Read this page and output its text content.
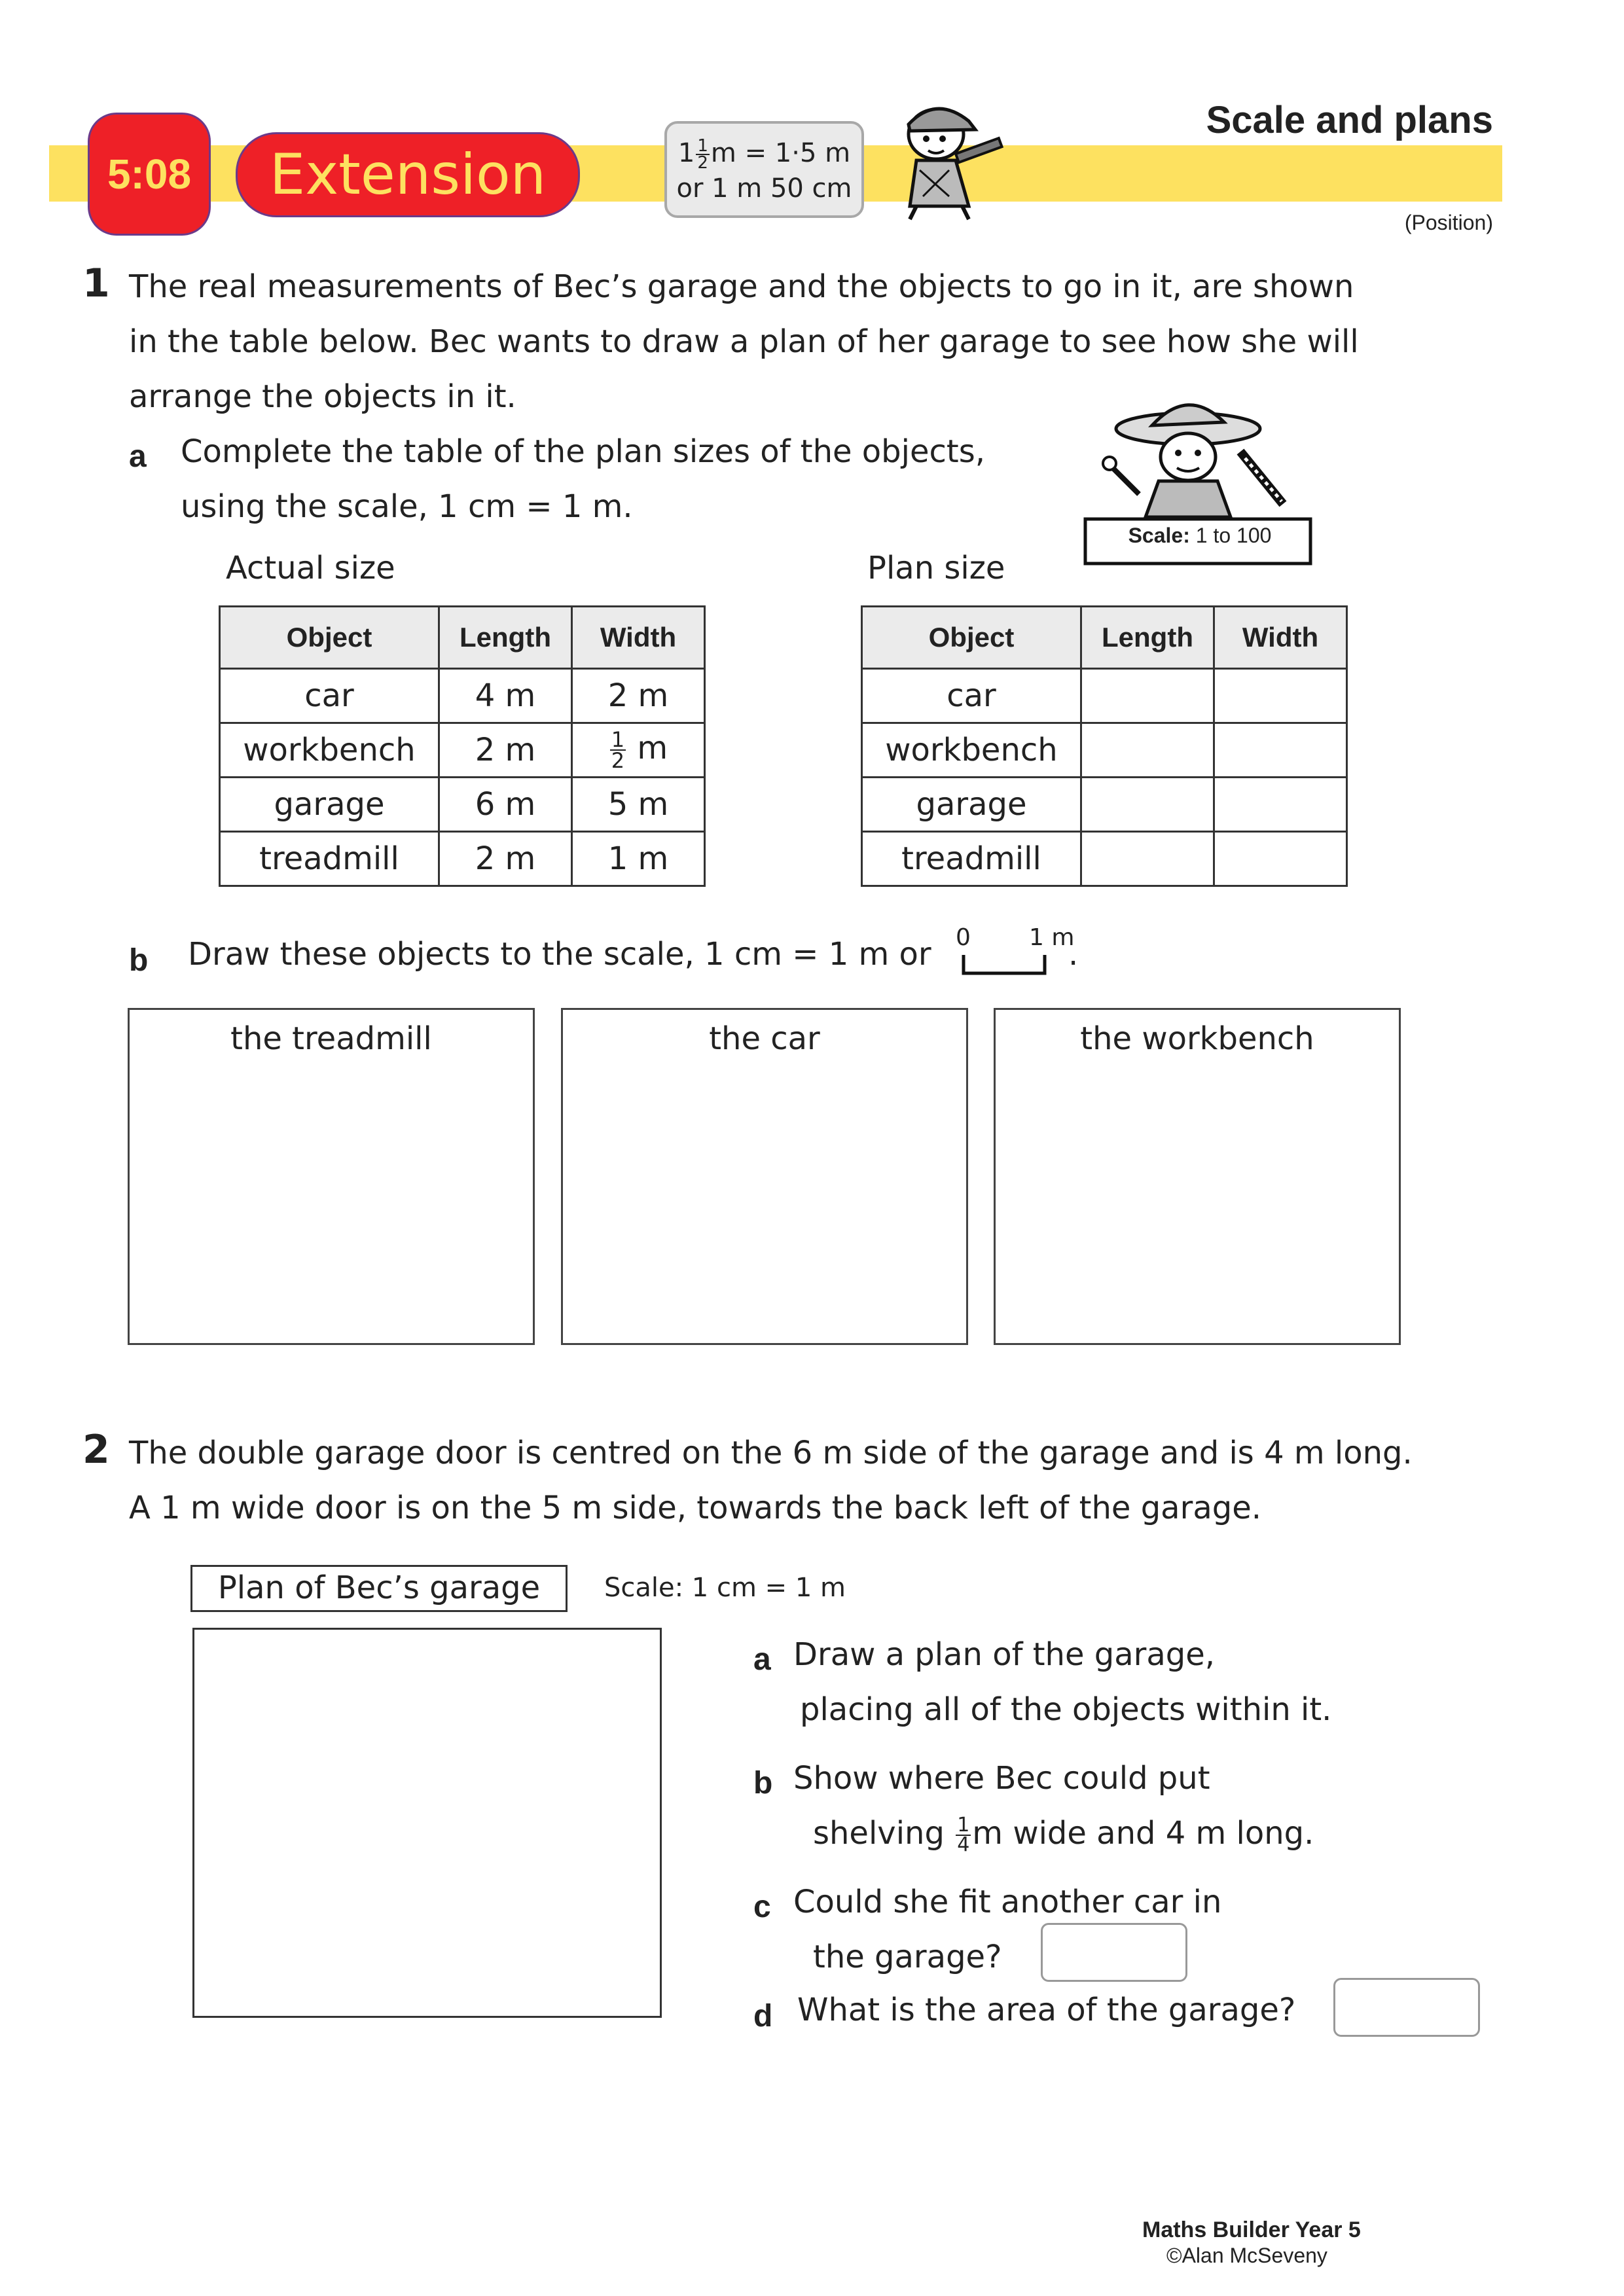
5:08 Extension	$1 \frac{1}{2}$ m = 1·5 m
or 1 m 50 cm
Scale and plans
(Position)
1 The real measurements of Bec’s garage and the objects to go in it, are shown
in the table below. Bec wants to draw a plan of her garage to see how she will
arrange the objects in it.
a Complete the table of the plan sizes of the objects,
using the scale, 1 cm = 1 m.
Scale: 1 to 100
Actual size	Plan size
Object	Length	Width
car	4 m	2 m
workbench	2 m	$\frac{1}{2}$ m
garage	6 m	5 m
treadmill	2 m	1 m
Object	Length	Width
car		
workbench		
garage		
treadmill		
b Draw these objects to the scale, 1 cm = 1 m or 0 1 m
.
the treadmill	the car	the workbench
2 The double garage door is centred on the 6 m side of the garage and is 4 m long.
A 1 m wide door is on the 5 m side, towards the back left of the garage.
Plan of Bec’s garage	Scale: 1 cm = 1 m
a Draw a plan of the garage,
placing all of the objects within it.
b Show where Bec could put
shelving $\frac{1}{4}$ m wide and 4 m long.
c Could she fit another car in
the garage?
d What is the area of the garage?
Maths Builder Year 5
©Alan McSeveny
